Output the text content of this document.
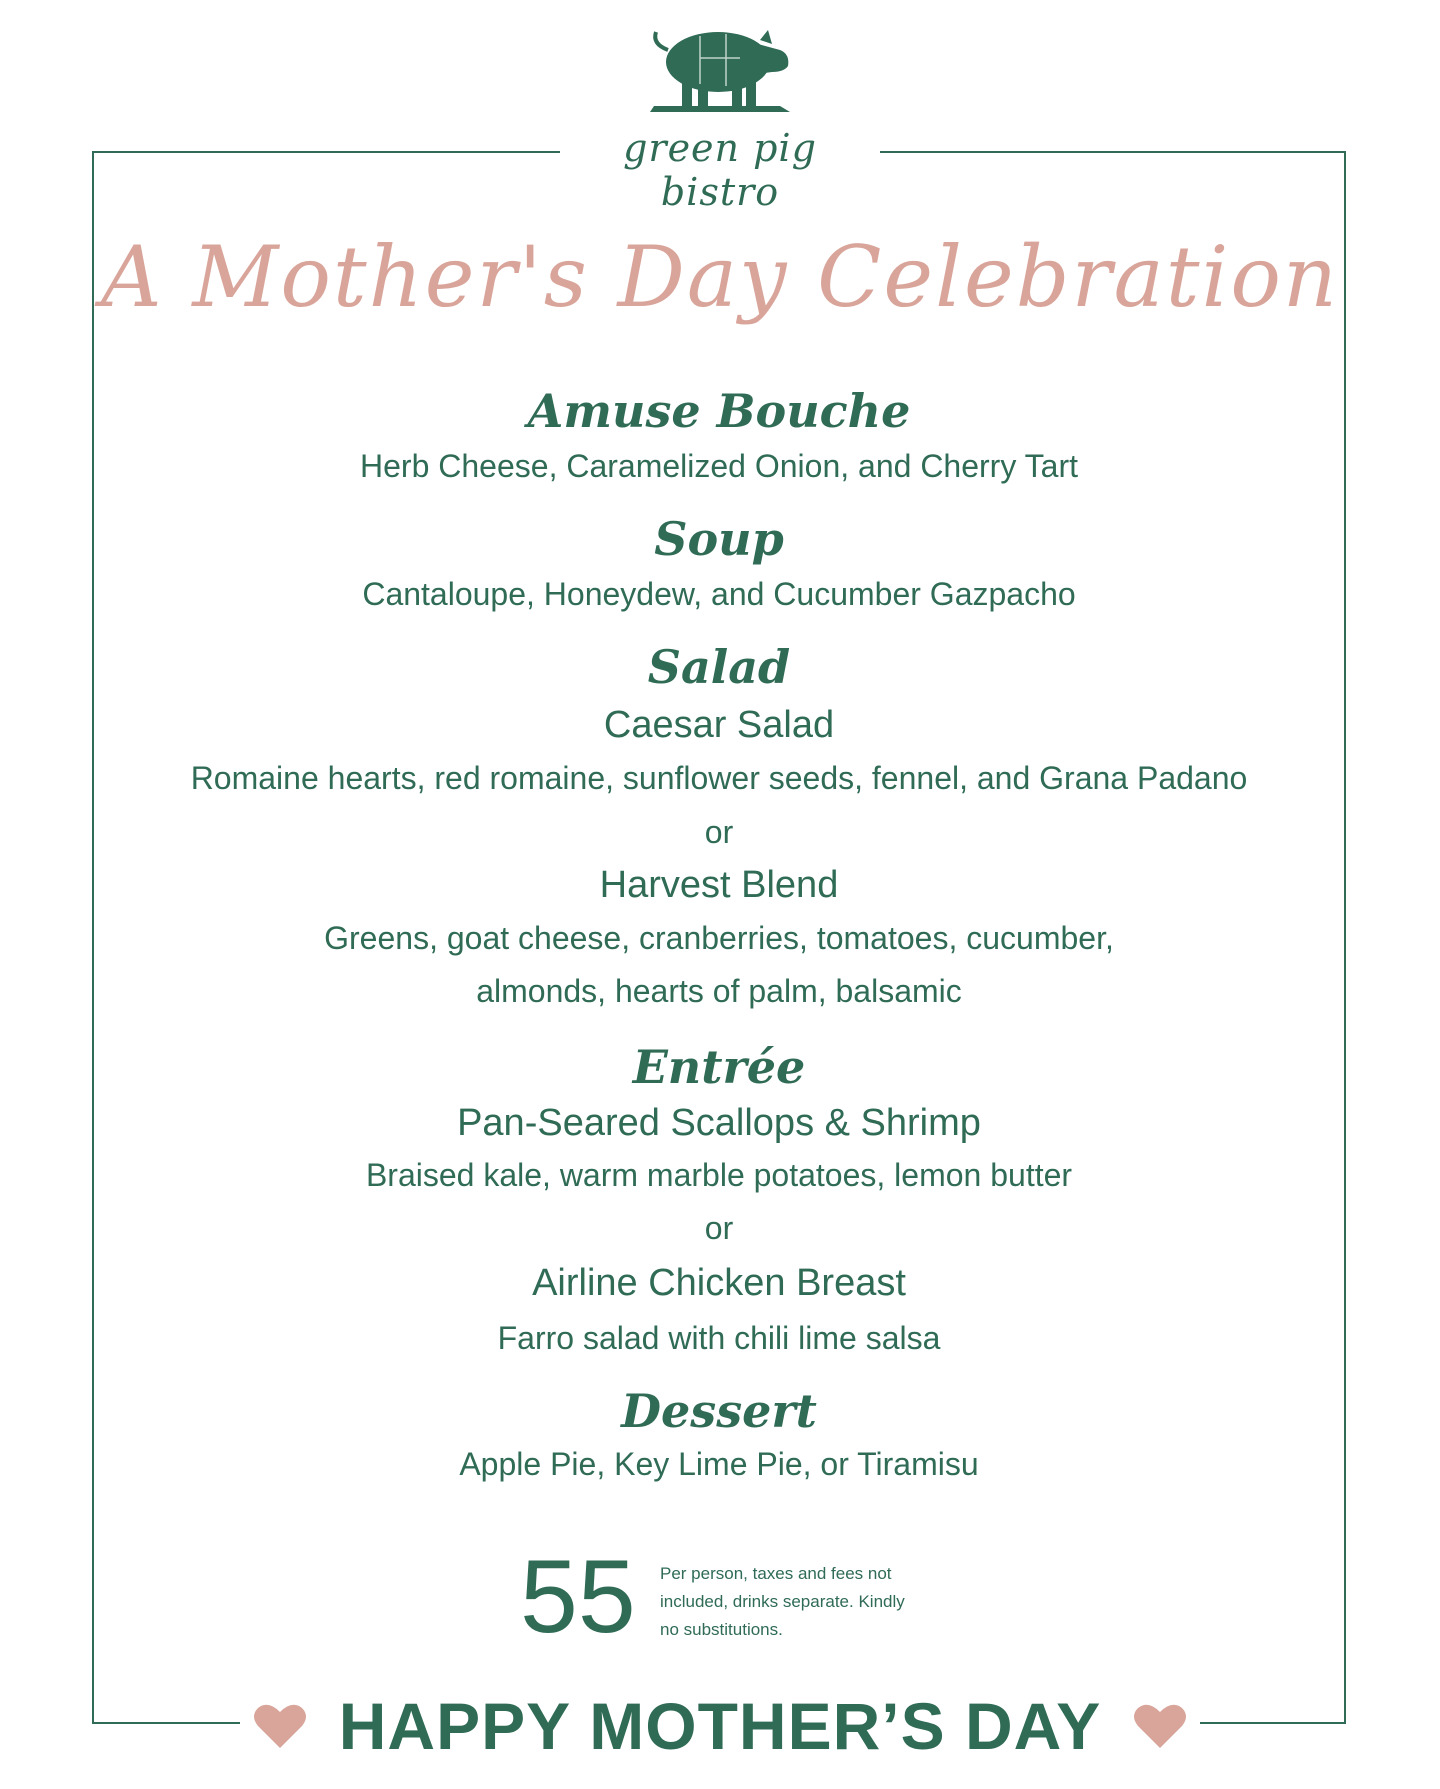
green pig bistro
A Mother's Day Celebration
Amuse Bouche
Herb Cheese, Caramelized Onion, and Cherry Tart
Soup
Cantaloupe, Honeydew, and Cucumber Gazpacho
Salad
Caesar Salad
Romaine hearts, red romaine, sunflower seeds, fennel, and Grana Padano
or
Harvest Blend
Greens, goat cheese, cranberries, tomatoes, cucumber,
almonds, hearts of palm, balsamic
Entrée
Pan-Seared Scallops & Shrimp
Braised kale, warm marble potatoes, lemon butter
or
Airline Chicken Breast
Farro salad with chili lime salsa
Dessert
Apple Pie, Key Lime Pie, or Tiramisu
55 Per person, taxes and fees not
included, drinks separate. Kindly
no substitutions.
HAPPY MOTHER’S DAY
